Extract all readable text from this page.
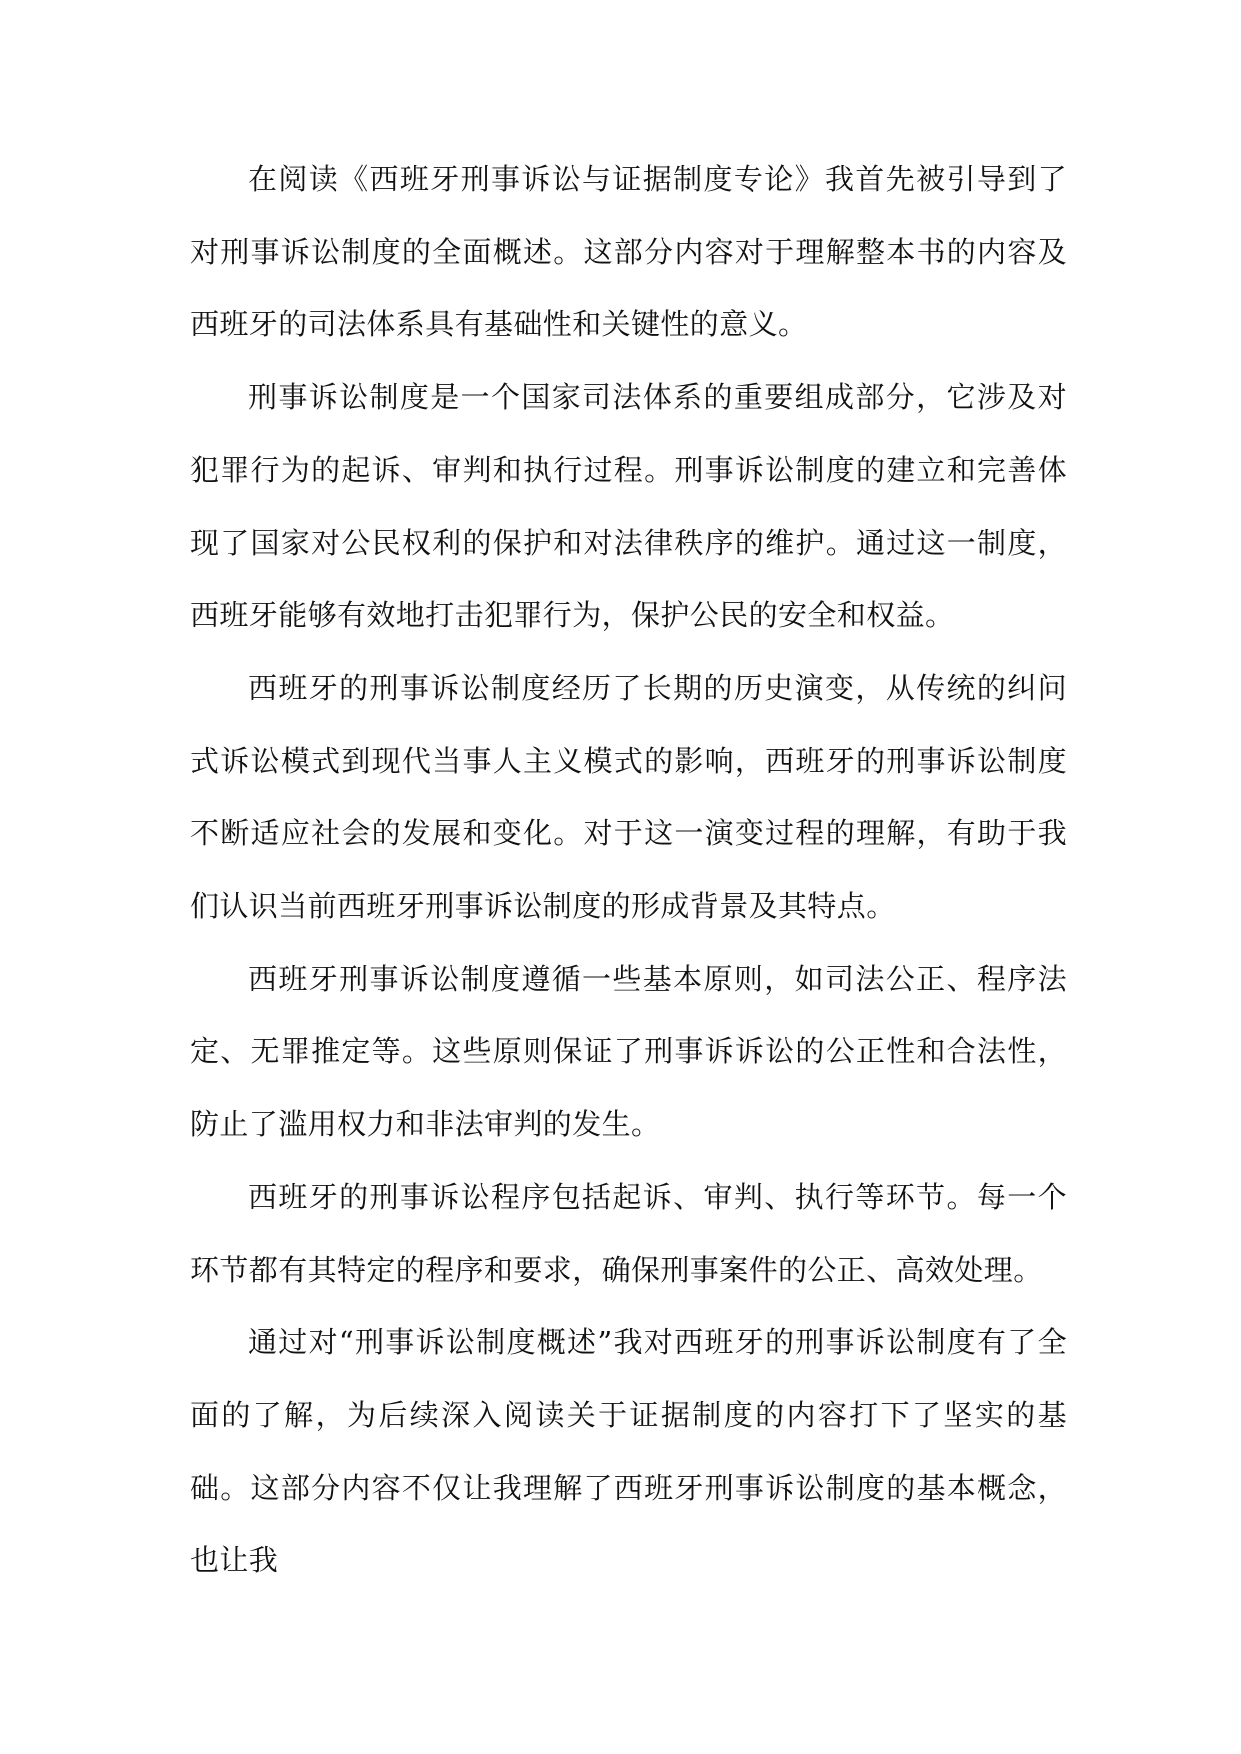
在阅读《西班牙刑事诉讼与证据制度专论》我首先被引导到了对刑事诉讼制度的全面概述。这部分内容对于理解整本书的内容及西班牙的司法体系具有基础性和关键性的意义。

刑事诉讼制度是一个国家司法体系的重要组成部分，它涉及对犯罪行为的起诉、审判和执行过程。刑事诉讼制度的建立和完善体现了国家对公民权利的保护和对法律秩序的维护。通过这一制度，西班牙能够有效地打击犯罪行为，保护公民的安全和权益。

西班牙的刑事诉讼制度经历了长期的历史演变，从传统的纠问式诉讼模式到现代当事人主义模式的影响，西班牙的刑事诉讼制度不断适应社会的发展和变化。对于这一演变过程的理解，有助于我们认识当前西班牙刑事诉讼制度的形成背景及其特点。

西班牙刑事诉讼制度遵循一些基本原则，如司法公正、程序法定、无罪推定等。这些原则保证了刑事诉诉讼的公正性和合法性，防止了滥用权力和非法审判的发生。

西班牙的刑事诉讼程序包括起诉、审判、执行等环节。每一个环节都有其特定的程序和要求，确保刑事案件的公正、高效处理。

通过对“刑事诉讼制度概述”我对西班牙的刑事诉讼制度有了全面的了解，为后续深入阅读关于证据制度的内容打下了坚实的基础。这部分内容不仅让我理解了西班牙刑事诉讼制度的基本概念，也让我
